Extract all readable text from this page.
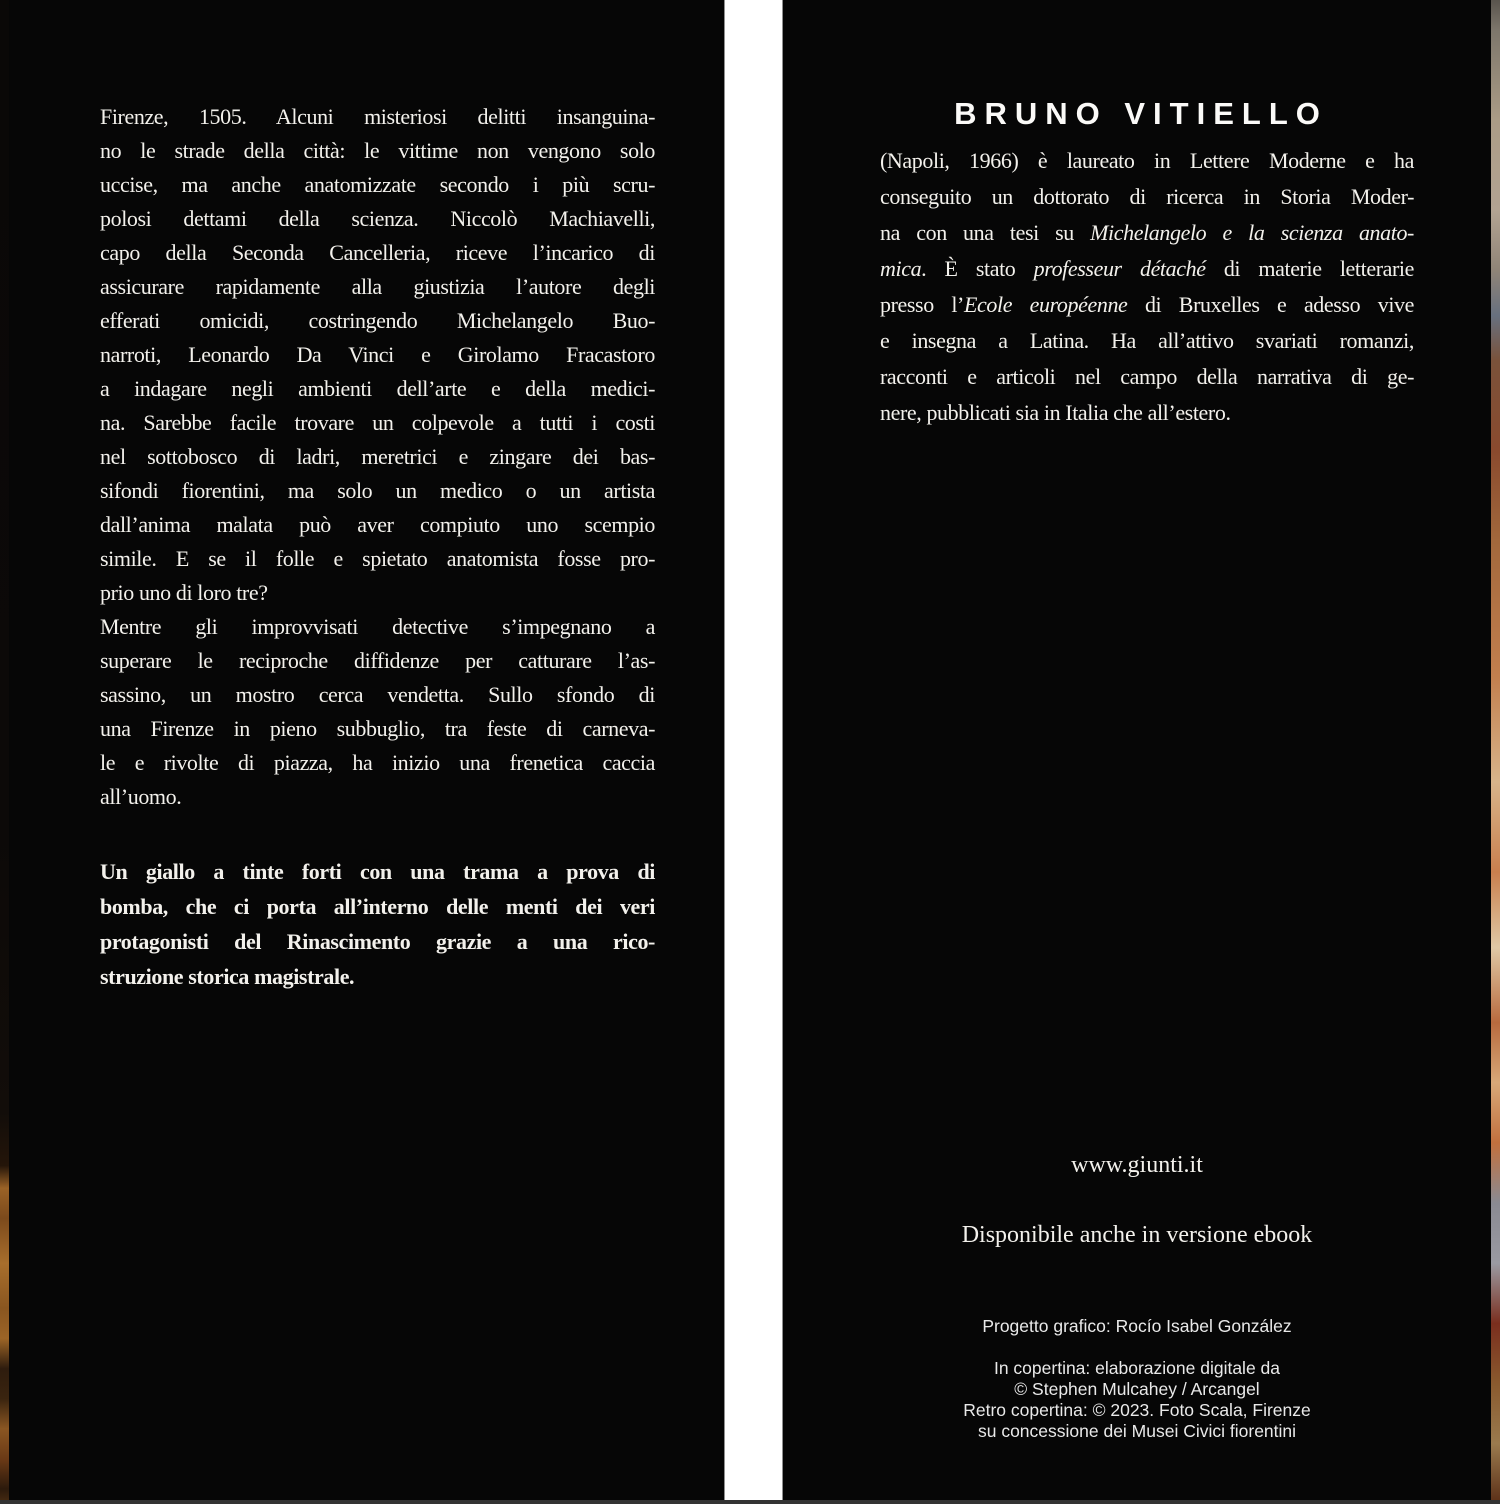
Firenze, 1505. Alcuni misteriosi delitti insanguina-
no le strade della città: le vittime non vengono solo
uccise, ma anche anatomizzate secondo i più scru-
polosi dettami della scienza. Niccolò Machiavelli,
capo della Seconda Cancelleria, riceve l’incarico di
assicurare rapidamente alla giustizia l’autore degli
efferati omicidi, costringendo Michelangelo Buo-
narroti, Leonardo Da Vinci e Girolamo Fracastoro
a indagare negli ambienti dell’arte e della medici-
na. Sarebbe facile trovare un colpevole a tutti i costi
nel sottobosco di ladri, meretrici e zingare dei bas-
sifondi fiorentini, ma solo un medico o un artista
dall’anima malata può aver compiuto uno scempio
simile. E se il folle e spietato anatomista fosse pro-
prio uno di loro tre?
Mentre gli improvvisati detective s’impegnano a
superare le reciproche diffidenze per catturare l’as-
sassino, un mostro cerca vendetta. Sullo sfondo di
una Firenze in pieno subbuglio, tra feste di carneva-
le e rivolte di piazza, ha inizio una frenetica caccia
all’uomo.
Un giallo a tinte forti con una trama a prova di
bomba, che ci porta all’interno delle menti dei veri
protagonisti del Rinascimento grazie a una rico-
struzione storica magistrale.
BRUNO VITIELLO
(Napoli, 1966) è laureato in Lettere Moderne e ha
conseguito un dottorato di ricerca in Storia Moder-
na con una tesi su Michelangelo e la scienza anato-
mica. È stato professeur détaché di materie letterarie
presso l’Ecole européenne di Bruxelles e adesso vive
e insegna a Latina. Ha all’attivo svariati romanzi,
racconti e articoli nel campo della narrativa di ge-
nere, pubblicati sia in Italia che all’estero.
www.giunti.it
Disponibile anche in versione ebook
Progetto grafico: Rocío Isabel González
In copertina: elaborazione digitale da
© Stephen Mulcahey / Arcangel
Retro copertina: © 2023. Foto Scala, Firenze
su concessione dei Musei Civici fiorentini
